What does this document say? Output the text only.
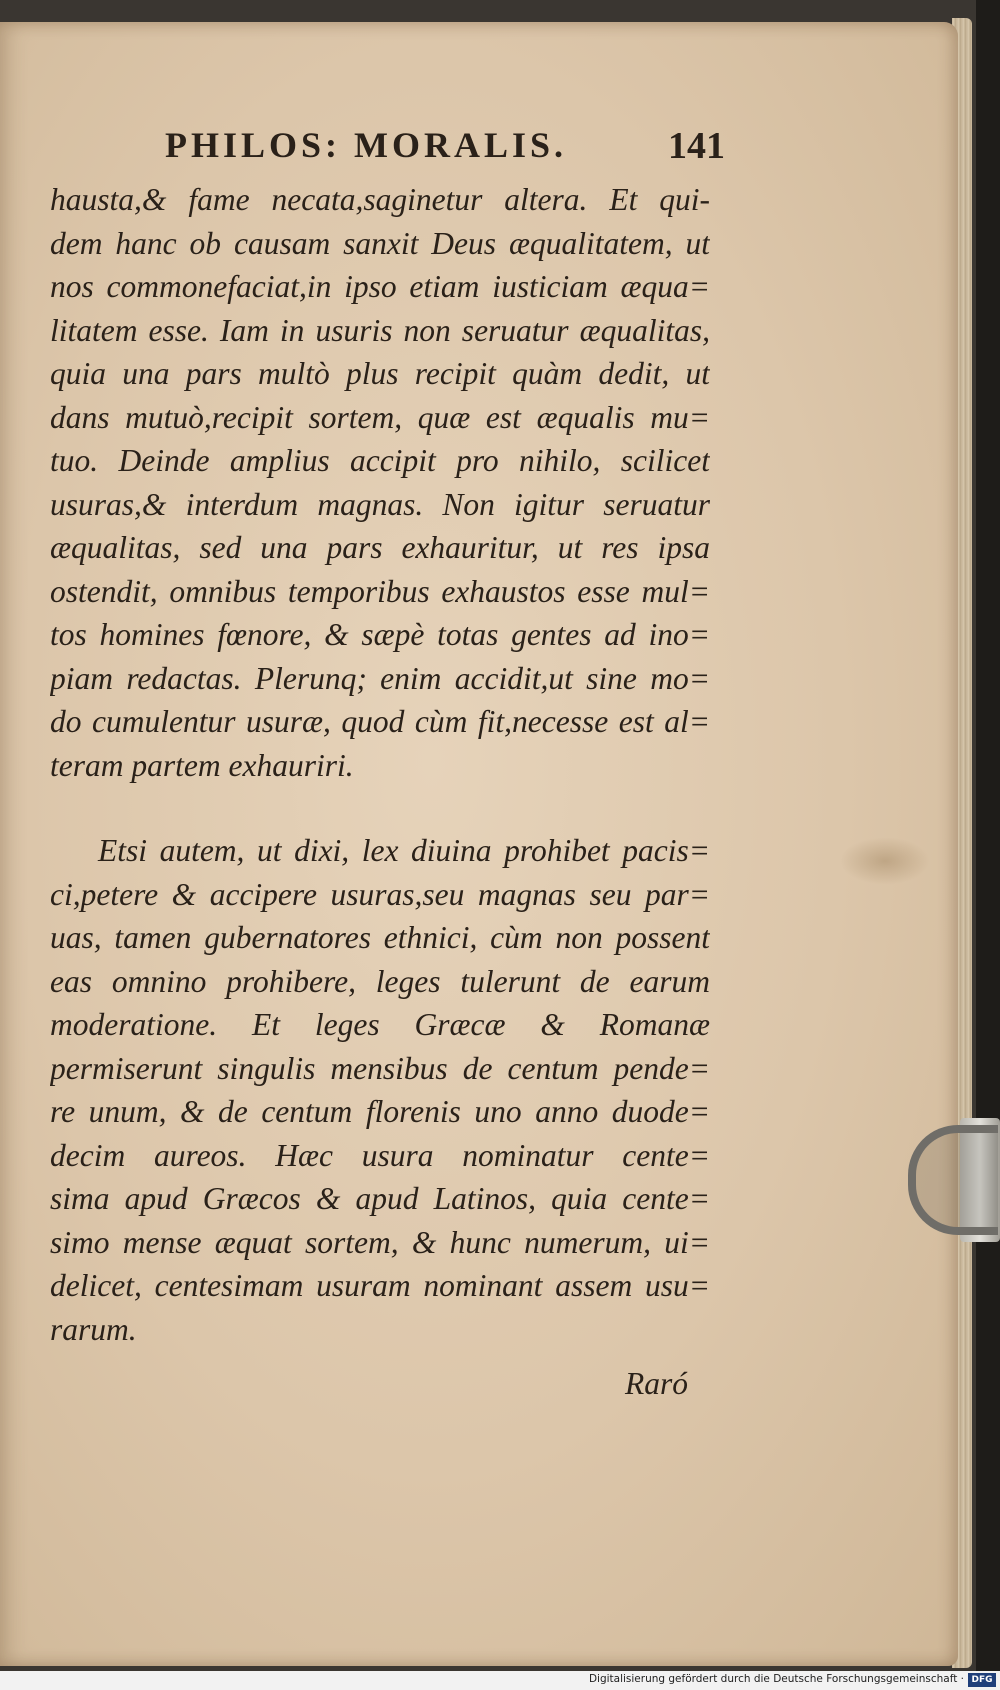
PHILOS: MORALIS.	141
hausta,& fame necata,saginetur altera. Et qui-
dem hanc ob causam sanxit Deus æqualitatem, ut
nos commonefaciat,in ipso etiam iusticiam æqua=
litatem esse. Iam in usuris non seruatur æqualitas,
quia una pars multò plus recipit quàm dedit, ut
dans mutuò,recipit sortem, quæ est æqualis mu=
tuo. Deinde amplius accipit pro nihilo, scilicet
usuras,& interdum magnas. Non igitur seruatur
æqualitas, sed una pars exhauritur, ut res ipsa
ostendit, omnibus temporibus exhaustos esse mul=
tos homines fœnore, & sæpè totas gentes ad ino=
piam redactas. Plerunq; enim accidit,ut sine mo=
do cumulentur usuræ, quod cùm fit,necesse est al=
teram partem exhauriri.
Etsi autem, ut dixi, lex diuina prohibet pacis=
ci,petere & accipere usuras,seu magnas seu par=
uas, tamen gubernatores ethnici, cùm non possent
eas omnino prohibere, leges tulerunt de earum
moderatione. Et leges Græcæ & Romanæ
permiserunt singulis mensibus de centum pende=
re unum, & de centum florenis uno anno duode=
decim aureos. Hæc usura nominatur cente=
sima apud Græcos & apud Latinos, quia cente=
simo mense æquat sortem, & hunc numerum, ui=
delicet, centesimam usuram nominant assem usu=
rarum.
Raró
Digitalisierung gefördert durch die Deutsche Forschungsgemeinschaft · DFG
